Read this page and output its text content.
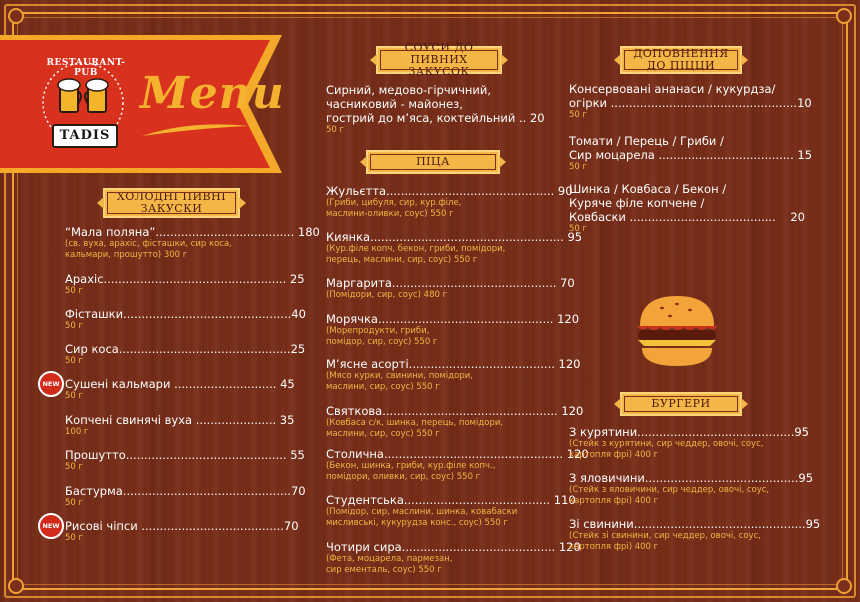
RESTAURANT-PUB
TADIS
Menu
ХОЛОДНІ ПИВНІ
ЗАКУСКИ
“Мала поляна”...................................... 180
(св. вуха, арахіс, фісташки, сир коса,
кальмари, прошутто) 300 г
Арахіс.................................................. 25
50 г
Фісташки..............................................40
50 г
Сир коса...............................................25
50 г
Сушені кальмари ............................ 45
50 г
NEW
Копчені свинячі вуха ...................... 35
100 г
Прошутто............................................ 55
50 г
Бастурма..............................................70
50 г
Рисові чіпси .......................................70
50 г
NEW
СОУСИ ДО ПИВНИХ
ЗАКУСОК
Сирний, медово-гірчичний,
часниковий - майонез,
гострий до м’яса, коктейльний .. 20
50 г
ПІЦА
Жульєтта.............................................. 90
(Гриби, цибуля, сир, кур.філе,
маслини-оливки, соус) 550 г
Киянка..................................................... 95
(Кур.філе копч, бекон, гриби, помідори,
перець, маслини, сир, соус) 550 г
Маргарита............................................. 70
(Помідори, сир, соус) 480 г
Морячка................................................ 120
(Морепродукти, гриби,
помідор, сир, соус) 550 г
М’ясне асорті........................................ 120
(Мясо курки, свинини, помідори,
маслини, сир, соус) 550 г
Святкова................................................ 120
(Ковбаса с/к, шинка, перець, помідори,
маслини, сир, соус) 550 г
Столична................................................. 120
(Бекон, шинка, гриби, кур.філе копч.,
помідори, оливки, сир, соус) 550 г
Студентська........................................ 110
(Помідор, сир, маслини, шинка, ковабаски
мисливські, кукурудза конс., соус) 550 г
Чотири сира.......................................... 120
(Фета, моцарела, пармезан,
сир ементаль, соус) 550 г
ДОПОВНЕННЯ
ДО ПІЦЦИ
Консервовані ананаси / кукурдза/
огірки ...................................................10
50 г
Томати / Перець / Гриби /
Сир моцарела ..................................... 15
50 г
Шинка / Ковбаса / Бекон /
Куряче філе копчене /
Ковбаски ........................................    20
50 г
БУРГЕРИ
З курятини...........................................95
(Стейк з курятини, сир чеддер, овочі, соус,
картопля фрі) 400 г
З яловичини..........................................95
(Стейк з яловичини, сир чеддер, овочі, соус,
картопля фрі) 400 г
Зі свинини...............................................95
(Стейк зі свинини, сир чеддер, овочі, соус,
картопля фрі) 400 г
